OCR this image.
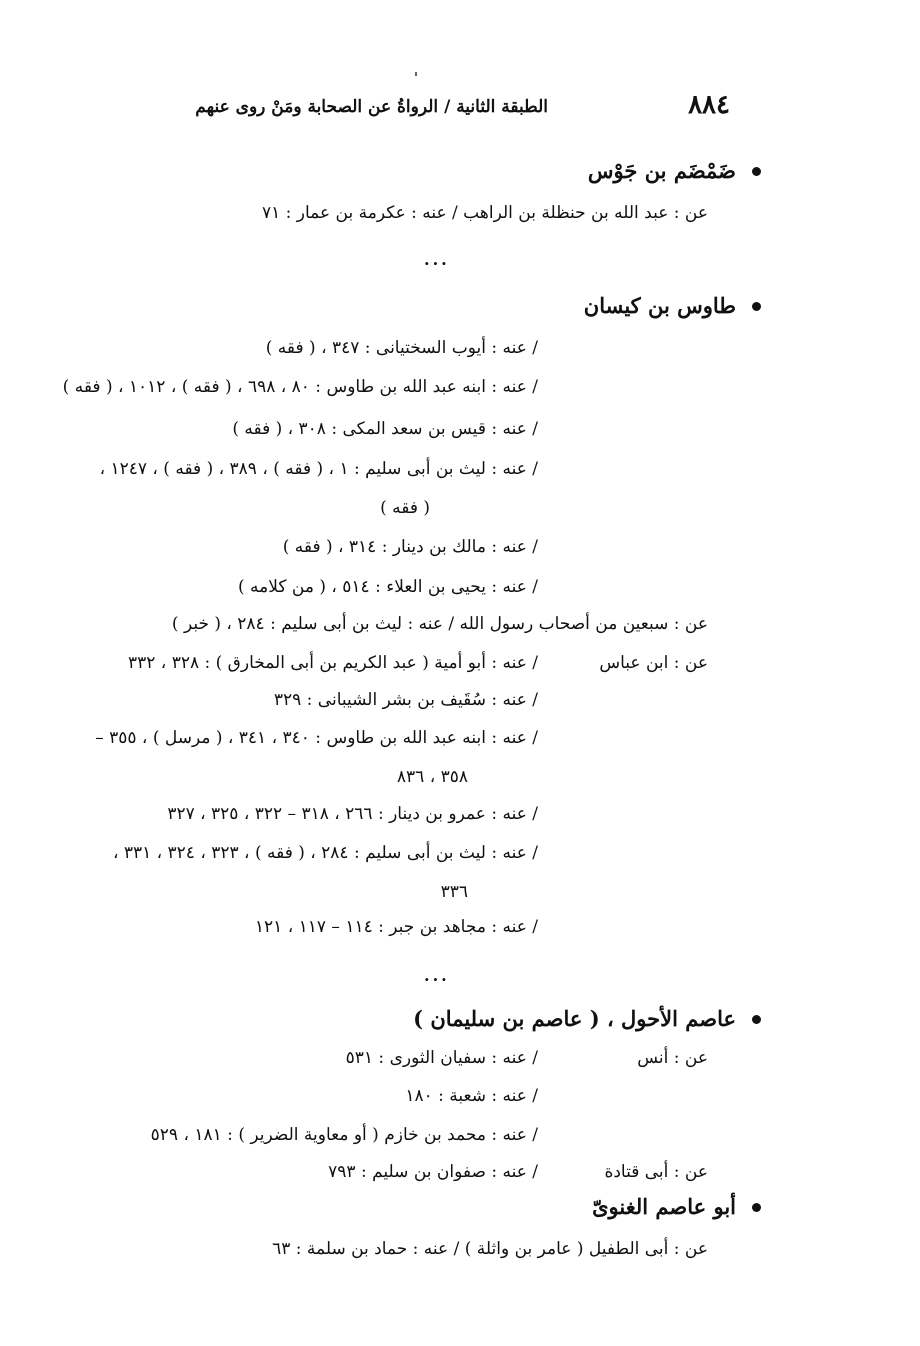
٨٨٤
الطبقة الثانية / الرواةُ عن الصحابة ومَنْ روى عنهم
ضَمْضَم بن جَوْس
عن : عبد الله بن حنظلة بن الراهب / عنه : عكرمة بن عمار : ٧١
...
طاوس بن كيسان
/ عنه : أيوب السختيانى : ٣٤٧ ، ( فقه )
/ عنه : ابنه عبد الله بن طاوس : ٨٠ ، ٦٩٨ ، ( فقه ) ، ١٠١٢ ، ( فقه )
/ عنه : قيس بن سعد المكى : ٣٠٨ ، ( فقه )
/ عنه : ليث بن أبى سليم : ١ ، ( فقه ) ، ٣٨٩ ، ( فقه ) ، ١٢٤٧ ،
( فقه )
/ عنه : مالك بن دينار : ٣١٤ ، ( فقه )
/ عنه : يحيى بن العلاء : ٥١٤ ، ( من كلامه )
عن : سبعين من أصحاب رسول الله / عنه : ليث بن أبى سليم : ٢٨٤ ، ( خبر )
عن : ابن عباس
/ عنه : أبو أمية ( عبد الكريم بن أبى المخارق ) : ٣٢٨ ، ٣٣٢
/ عنه : سُقَيف بن بشر الشيبانى : ٣٢٩
/ عنه : ابنه عبد الله بن طاوس : ٣٤٠ ، ٣٤١ ، ( مرسل ) ، ٣٥٥ –
٣٥٨ ، ٨٣٦
/ عنه : عمرو بن دينار : ٢٦٦ ، ٣١٨ – ٣٢٢ ، ٣٢٥ ، ٣٢٧
/ عنه : ليث بن أبى سليم : ٢٨٤ ، ( فقه ) ، ٣٢٣ ، ٣٢٤ ، ٣٣١ ،
٣٣٦
/ عنه : مجاهد بن جبر : ١١٤ – ١١٧ ، ١٢١
...
عاصم الأحول ، ( عاصم بن سليمان )
عن : أنس
/ عنه : سفيان الثورى : ٥٣١
/ عنه : شعبة : ١٨٠
/ عنه : محمد بن خازم ( أو معاوية الضرير ) : ١٨١ ، ٥٢٩
عن : أبى قتادة
/ عنه : صفوان بن سليم : ٧٩٣
أبو عاصم الغنوىّ
عن : أبى الطفيل ( عامر بن واثلة ) / عنه : حماد بن سلمة : ٦٣
